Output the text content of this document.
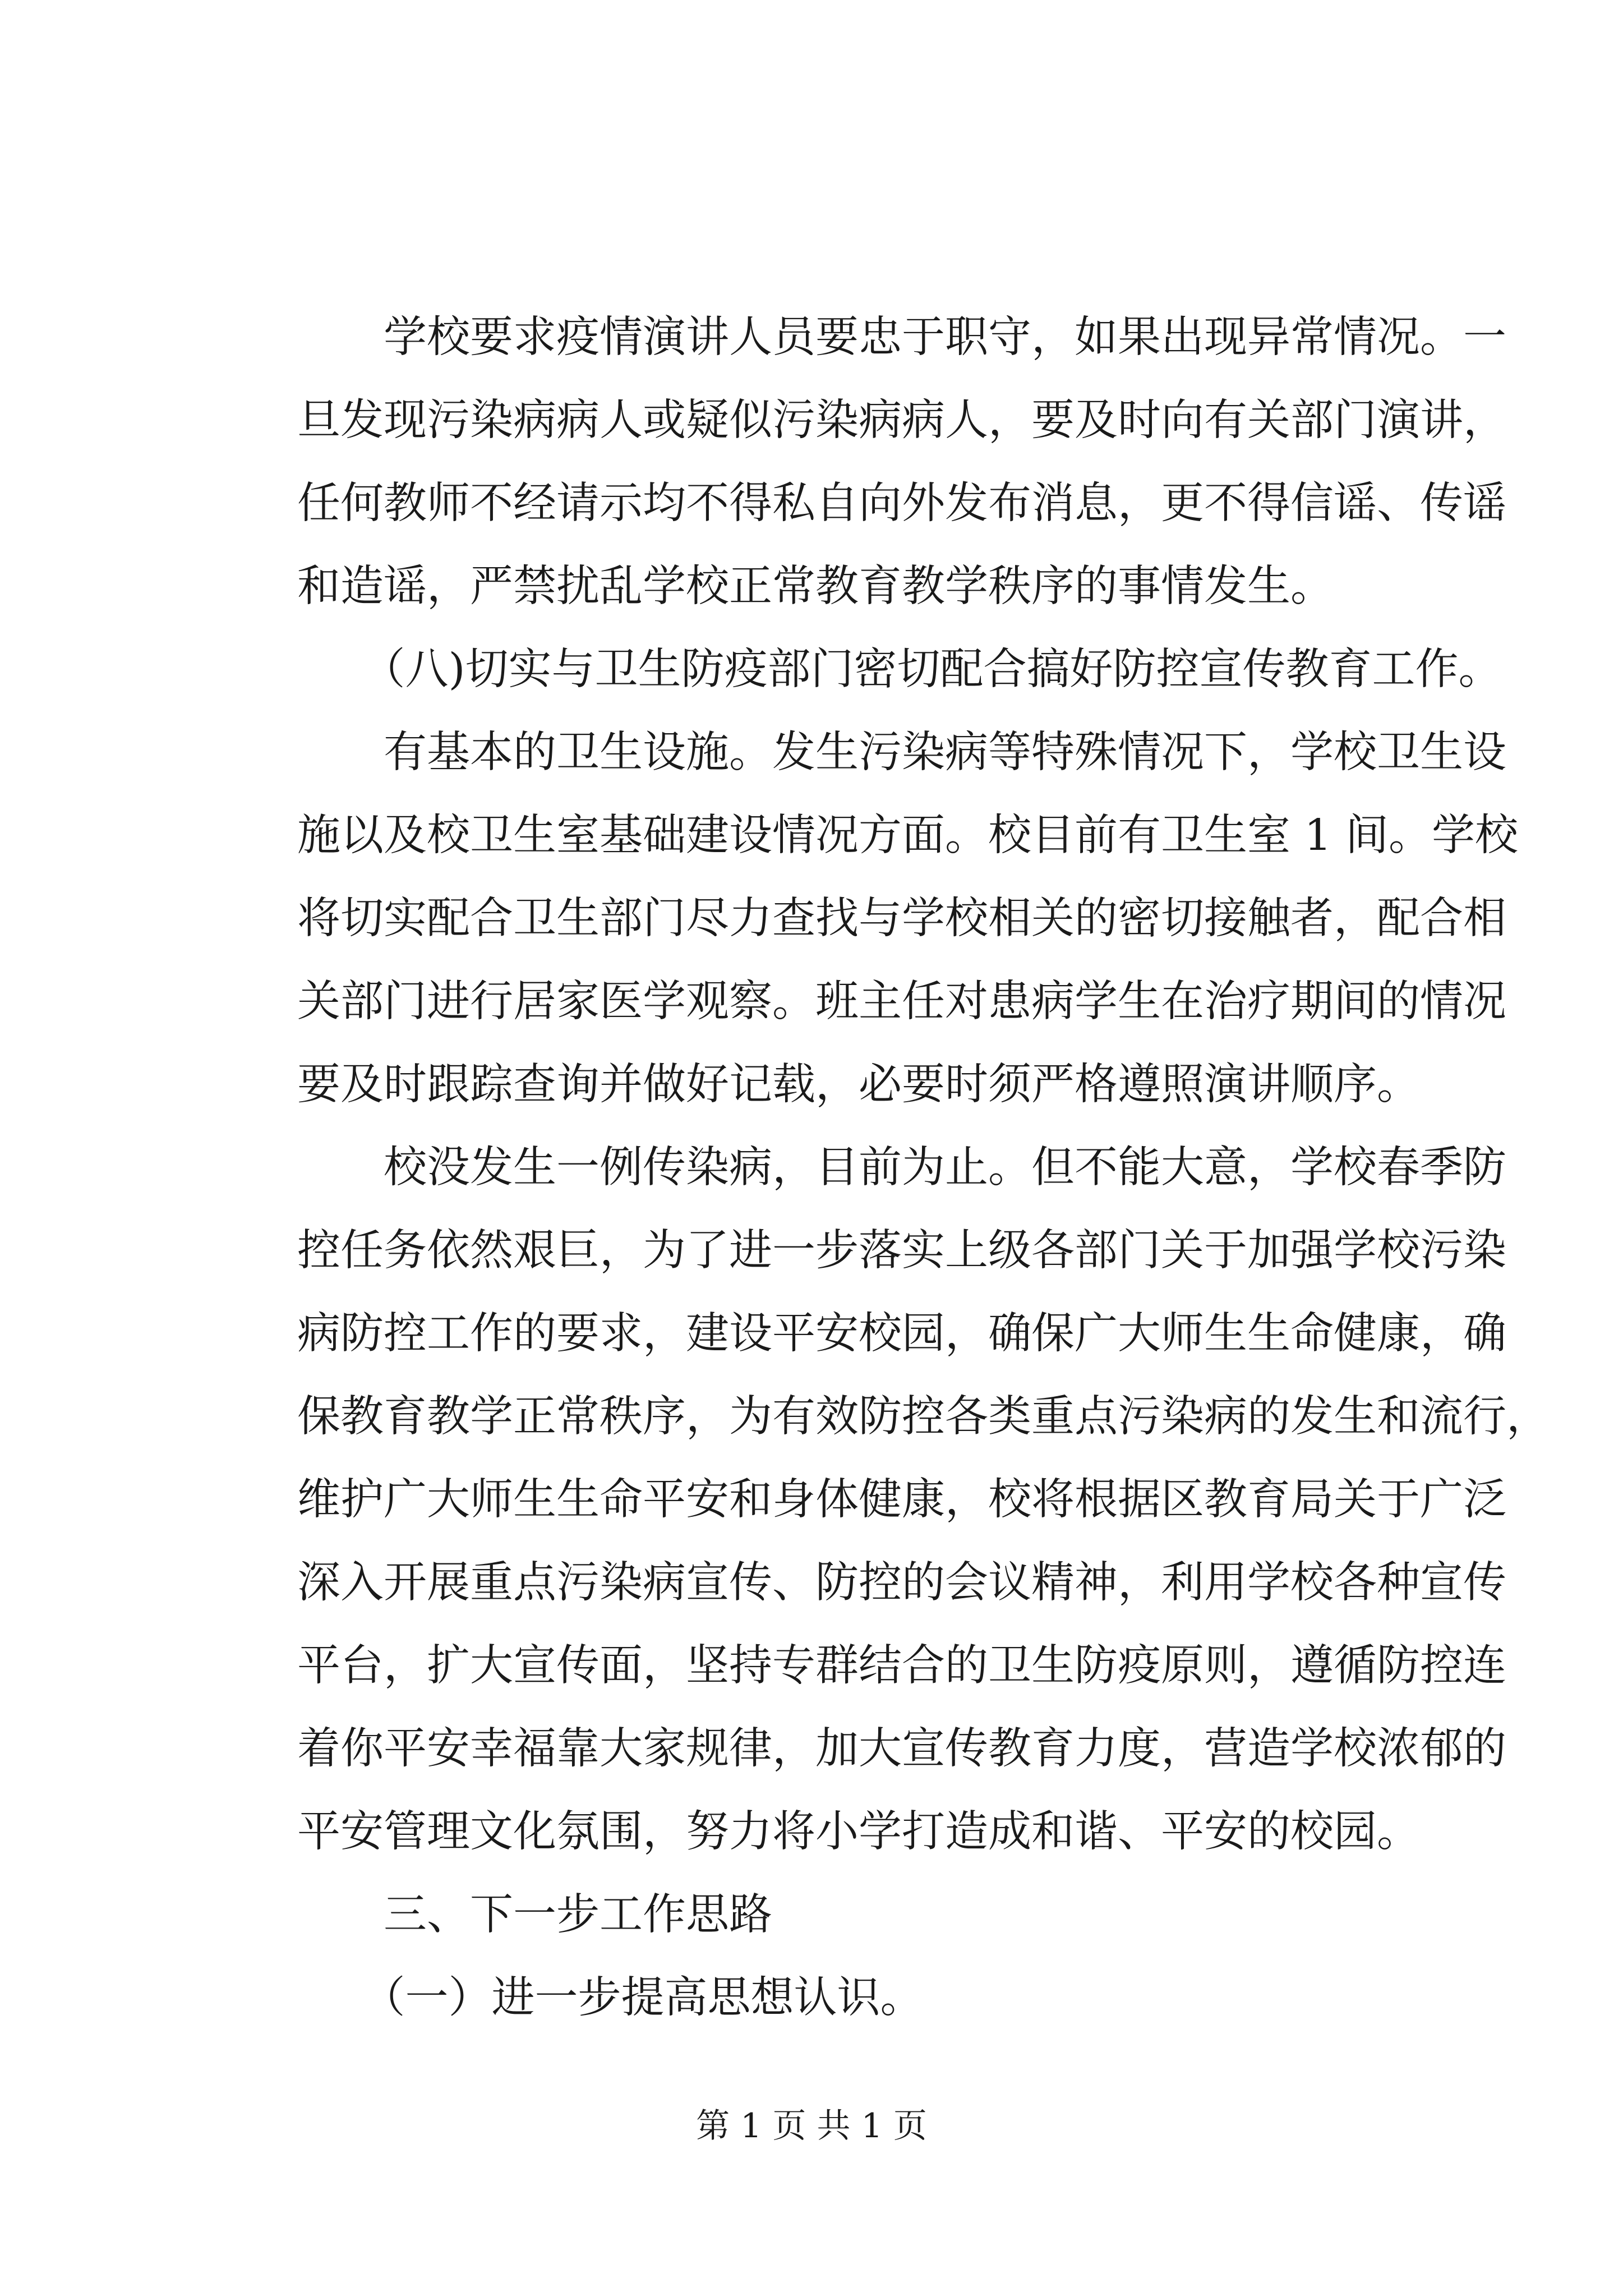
　　学校要求疫情演讲人员要忠于职守，如果出现异常情况。一
旦发现污染病病人或疑似污染病病人，要及时向有关部门演讲，
任何教师不经请示均不得私自向外发布消息，更不得信谣、传谣
和造谣，严禁扰乱学校正常教育教学秩序的事情发生。
　　（八)切实与卫生防疫部门密切配合搞好防控宣传教育工作。
　　有基本的卫生设施。发生污染病等特殊情况下，学校卫生设
施以及校卫生室基础建设情况方面。校目前有卫生室 1 间。学校
将切实配合卫生部门尽力查找与学校相关的密切接触者，配合相
关部门进行居家医学观察。班主任对患病学生在治疗期间的情况
要及时跟踪查询并做好记载，必要时须严格遵照演讲顺序。
　　校没发生一例传染病，目前为止。但不能大意，学校春季防
控任务依然艰巨，为了进一步落实上级各部门关于加强学校污染
病防控工作的要求，建设平安校园，确保广大师生生命健康，确
保教育教学正常秩序，为有效防控各类重点污染病的发生和流行，
维护广大师生生命平安和身体健康，校将根据区教育局关于广泛
深入开展重点污染病宣传、防控的会议精神，利用学校各种宣传
平台，扩大宣传面，坚持专群结合的卫生防疫原则，遵循防控连
着你平安幸福靠大家规律，加大宣传教育力度，营造学校浓郁的
平安管理文化氛围，努力将小学打造成和谐、平安的校园。
　　三、下一步工作思路
　　（一）进一步提高思想认识。
第 1 页 共 1 页
